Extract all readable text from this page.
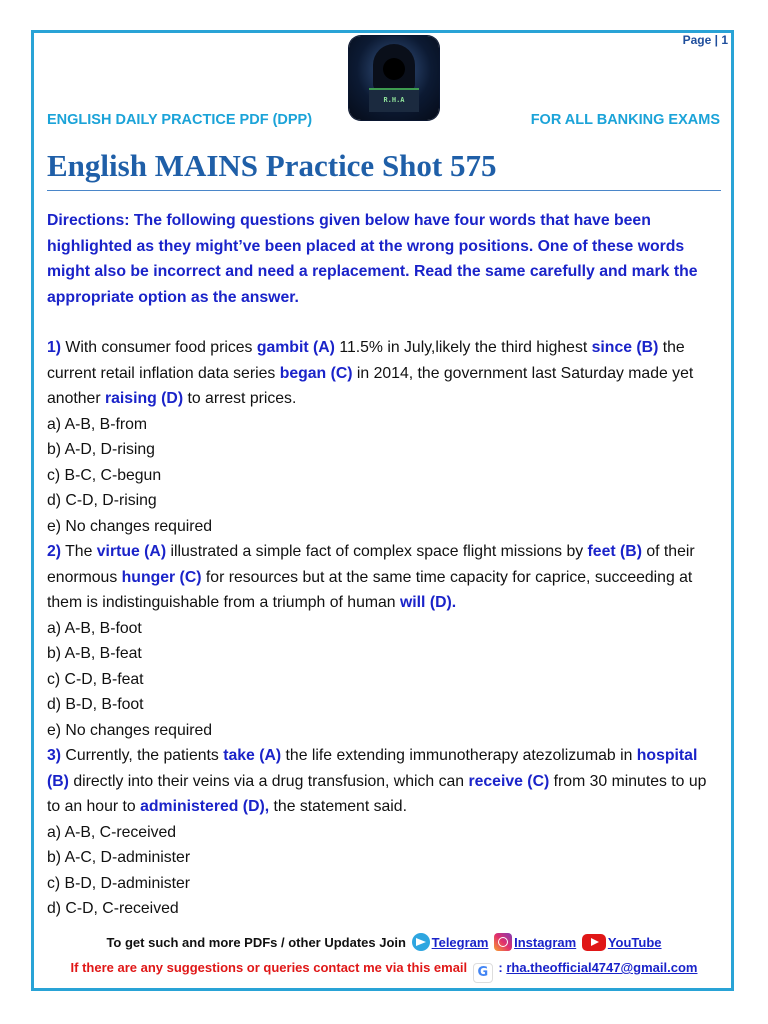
Page | 1
R.H.A
ENGLISH DAILY PRACTICE PDF (DPP)	FOR ALL BANKING EXAMS
English MAINS Practice Shot 575

Directions: The following questions given below have four words that have been highlighted as they might’ve been placed at the wrong positions. One of these words might also be incorrect and need a replacement. Read the same carefully and mark the appropriate option as the answer.

1) With consumer food prices gambit (A) 11.5% in July,likely the third highest since (B) the current retail inflation data series began (C) in 2014, the government last Saturday made yet another raising (D) to arrest prices.

a) A-B, B-from

b) A-D, D-rising

c) B-C, C-begun

d) C-D, D-rising

e) No changes required

2) The virtue (A) illustrated a simple fact of complex space flight missions by feet (B) of their enormous hunger (C) for resources but at the same time capacity for caprice, succeeding at them is indistinguishable from a triumph of human will (D).

a) A-B, B-foot

b) A-B, B-feat

c) C-D, B-feat

d) B-D, B-foot

e) No changes required

3) Currently, the patients take (A) the life extending immunotherapy atezolizumab in hospital (B) directly into their veins via a drug transfusion, which can receive (C) from 30 minutes to up to an hour to administered (D), the statement said.

a) A-B, C-received

b) A-C, D-administer

c) B-D, D-administer

d) C-D, C-received

To get such and more PDFs / other Updates Join Telegram Instagram YouTube
If there are any suggestions or queries contact me via this email G : rha.theofficial4747@gmail.com
